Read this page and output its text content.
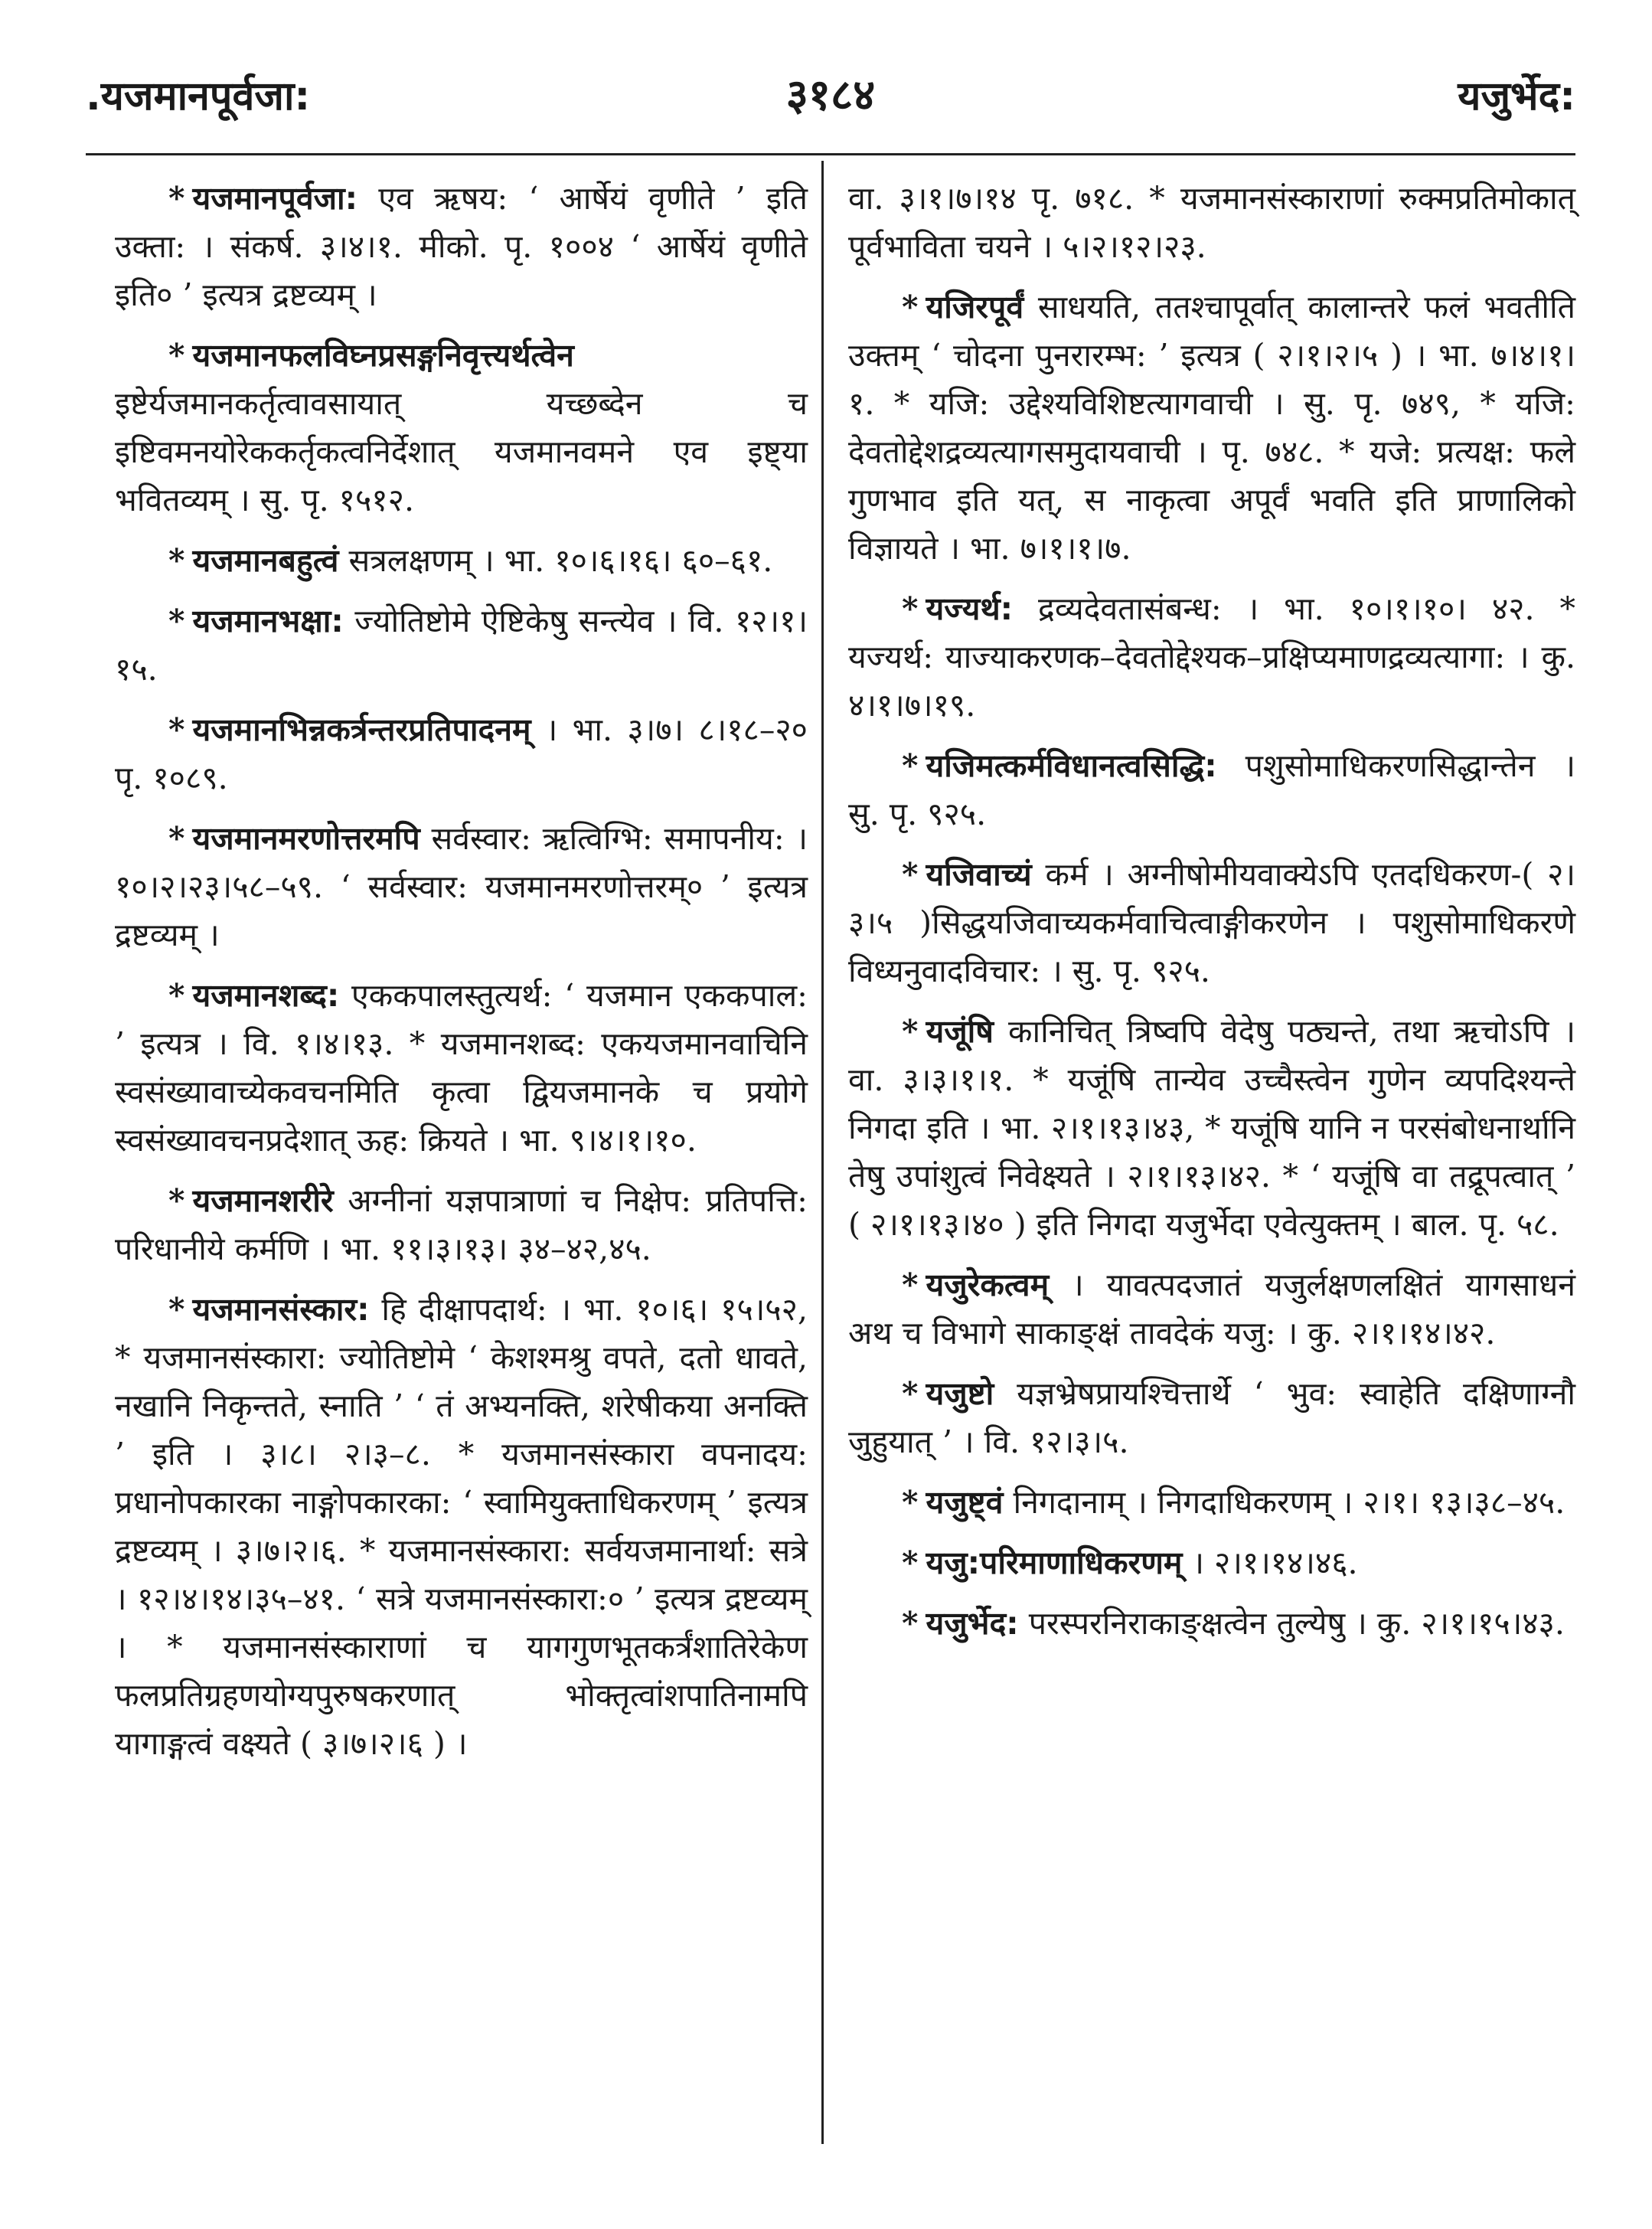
.यजमानपूर्वजा:	३१८४	यजुर्भेद:

* यजमानपूर्वजा: एव ऋषय: ‘ आर्षेयं वृणीते ’ इति उक्ता: । संकर्ष. ३।४।१. मीको. पृ. १००४ ‘ आर्षेयं वृणीते इति० ’ इत्यत्र द्रष्टव्यम् ।

* यजमानफलविघ्नप्रसङ्गनिवृत्त्यर्थत्वेन इष्टेर्यजमानकर्तृत्वावसायात् यच्छब्देन च इष्टिवमनयोरेककर्तृकत्वनिर्देशात् यजमानवमने एव इष्ट्या भवितव्यम् । सु. पृ. १५१२.

* यजमानबहुत्वं सत्रलक्षणम् । भा. १०।६।१६। ६०–६१.

* यजमानभक्षा: ज्योतिष्टोमे ऐष्टिकेषु सन्त्येव । वि. १२।१।१५.

* यजमानभिन्नकर्त्रन्तरप्रतिपादनम् । भा. ३।७। ८।१८–२० पृ. १०८९.

* यजमानमरणोत्तरमपि सर्वस्वार: ऋत्विग्भि: समापनीय: । १०।२।२३।५८–५९. ‘ सर्वस्वार: यजमानमरणोत्तरम्० ’ इत्यत्र द्रष्टव्यम् ।

* यजमानशब्द: एककपालस्तुत्यर्थ: ‘ यजमान एककपाल: ’ इत्यत्र । वि. १।४।१३. * यजमानशब्द: एकयजमानवाचिनि स्वसंख्यावाच्येकवचनमिति कृत्वा द्वियजमानके च प्रयोगे स्वसंख्यावचनप्रदेशात् ऊह: क्रियते । भा. ९।४।१।१०.

* यजमानशरीरे अग्नीनां यज्ञपात्राणां च निक्षेप: प्रतिपत्ति: परिधानीये कर्मणि । भा. ११।३।१३। ३४–४२,४५.

* यजमानसंस्कार: हि दीक्षापदार्थ: । भा. १०।६। १५।५२, * यजमानसंस्कारा: ज्योतिष्टोमे ‘ केशश्मश्रु वपते, दतो धावते, नखानि निकृन्तते, स्नाति ’ ‘ तं अभ्यनक्ति, शरेषीकया अनक्ति ’ इति । ३।८। २।३–८. * यजमानसंस्कारा वपनादय: प्रधानोपकारका नाङ्गोपकारका: ‘ स्वामियुक्ताधिकरणम् ’ इत्यत्र द्रष्टव्यम् । ३।७।२।६. * यजमानसंस्कारा: सर्वयजमानार्था: सत्रे । १२।४।१४।३५–४१. ‘ सत्रे यजमानसंस्कारा:० ’ इत्यत्र द्रष्टव्यम् । * यजमानसंस्काराणां च यागगुणभूतकर्त्रंशातिरेकेण फलप्रतिग्रहणयोग्यपुरुषकरणात् भोक्तृत्वांशपातिनामपि यागाङ्गत्वं वक्ष्यते ( ३।७।२।६ ) ।

वा. ३।१।७।१४ पृ. ७१८. * यजमानसंस्काराणां रुक्मप्रतिमोकात् पूर्वभाविता चयने । ५।२।१२।२३.

* यजिरपूर्वं साधयति, ततश्चापूर्वात् कालान्तरे फलं भवतीति उक्तम् ‘ चोदना पुनरारम्भ: ’ इत्यत्र ( २।१।२।५ ) । भा. ७।४।१।१. * यजि: उद्देश्यविशिष्टत्यागवाची । सु. पृ. ७४९, * यजि: देवतोद्देशद्रव्यत्यागसमुदायवाची । पृ. ७४८. * यजे: प्रत्यक्ष: फले गुणभाव इति यत्, स नाकृत्वा अपूर्वं भवति इति प्राणालिको विज्ञायते । भा. ७।१।१।७.

* यज्यर्थ: द्रव्यदेवतासंबन्ध: । भा. १०।१।१०। ४२. * यज्यर्थ: याज्याकरणक–देवतोद्देश्यक–प्रक्षिप्यमाणद्रव्यत्यागा: । कु. ४।१।७।१९.

* यजिमत्कर्मविधानत्वसिद्धि: पशुसोमाधिकरणसिद्धान्तेन । सु. पृ. ९२५.

* यजिवाच्यं कर्म । अग्नीषोमीयवाक्येऽपि एतदधिकरण-( २।३।५ )सिद्धयजिवाच्यकर्मवाचित्वाङ्गीकरणेन । पशुसोमाधिकरणे विध्यनुवादविचार: । सु. पृ. ९२५.

* यजूंषि कानिचित् त्रिष्वपि वेदेषु पठ्यन्ते, तथा ऋचोऽपि । वा. ३।३।१।१. * यजूंषि तान्येव उच्चैस्त्वेन गुणेन व्यपदिश्यन्ते निगदा इति । भा. २।१।१३।४३, * यजूंषि यानि न परसंबोधनार्थानि तेषु उपांशुत्वं निवेक्ष्यते । २।१।१३।४२. * ‘ यजूंषि वा तद्रूपत्वात् ’ ( २।१।१३।४० ) इति निगदा यजुर्भेदा एवेत्युक्तम् । बाल. पृ. ५८.

* यजुरेकत्वम् । यावत्पदजातं यजुर्लक्षणलक्षितं यागसाधनं अथ च विभागे साकाङ्क्षं तावदेकं यजु: । कु. २।१।१४।४२.

* यजुष्टो यज्ञभ्रेषप्रायश्चित्तार्थे ‘ भुव: स्वाहेति दक्षिणाग्नौ जुहुयात् ’ । वि. १२।३।५.

* यजुष्ट्वं निगदानाम् । निगदाधिकरणम् । २।१। १३।३८–४५.

* यजु:परिमाणाधिकरणम् । २।१।१४।४६.

* यजुर्भेद: परस्परनिराकाङ्क्षत्वेन तुल्येषु । कु. २।१।१५।४३.
